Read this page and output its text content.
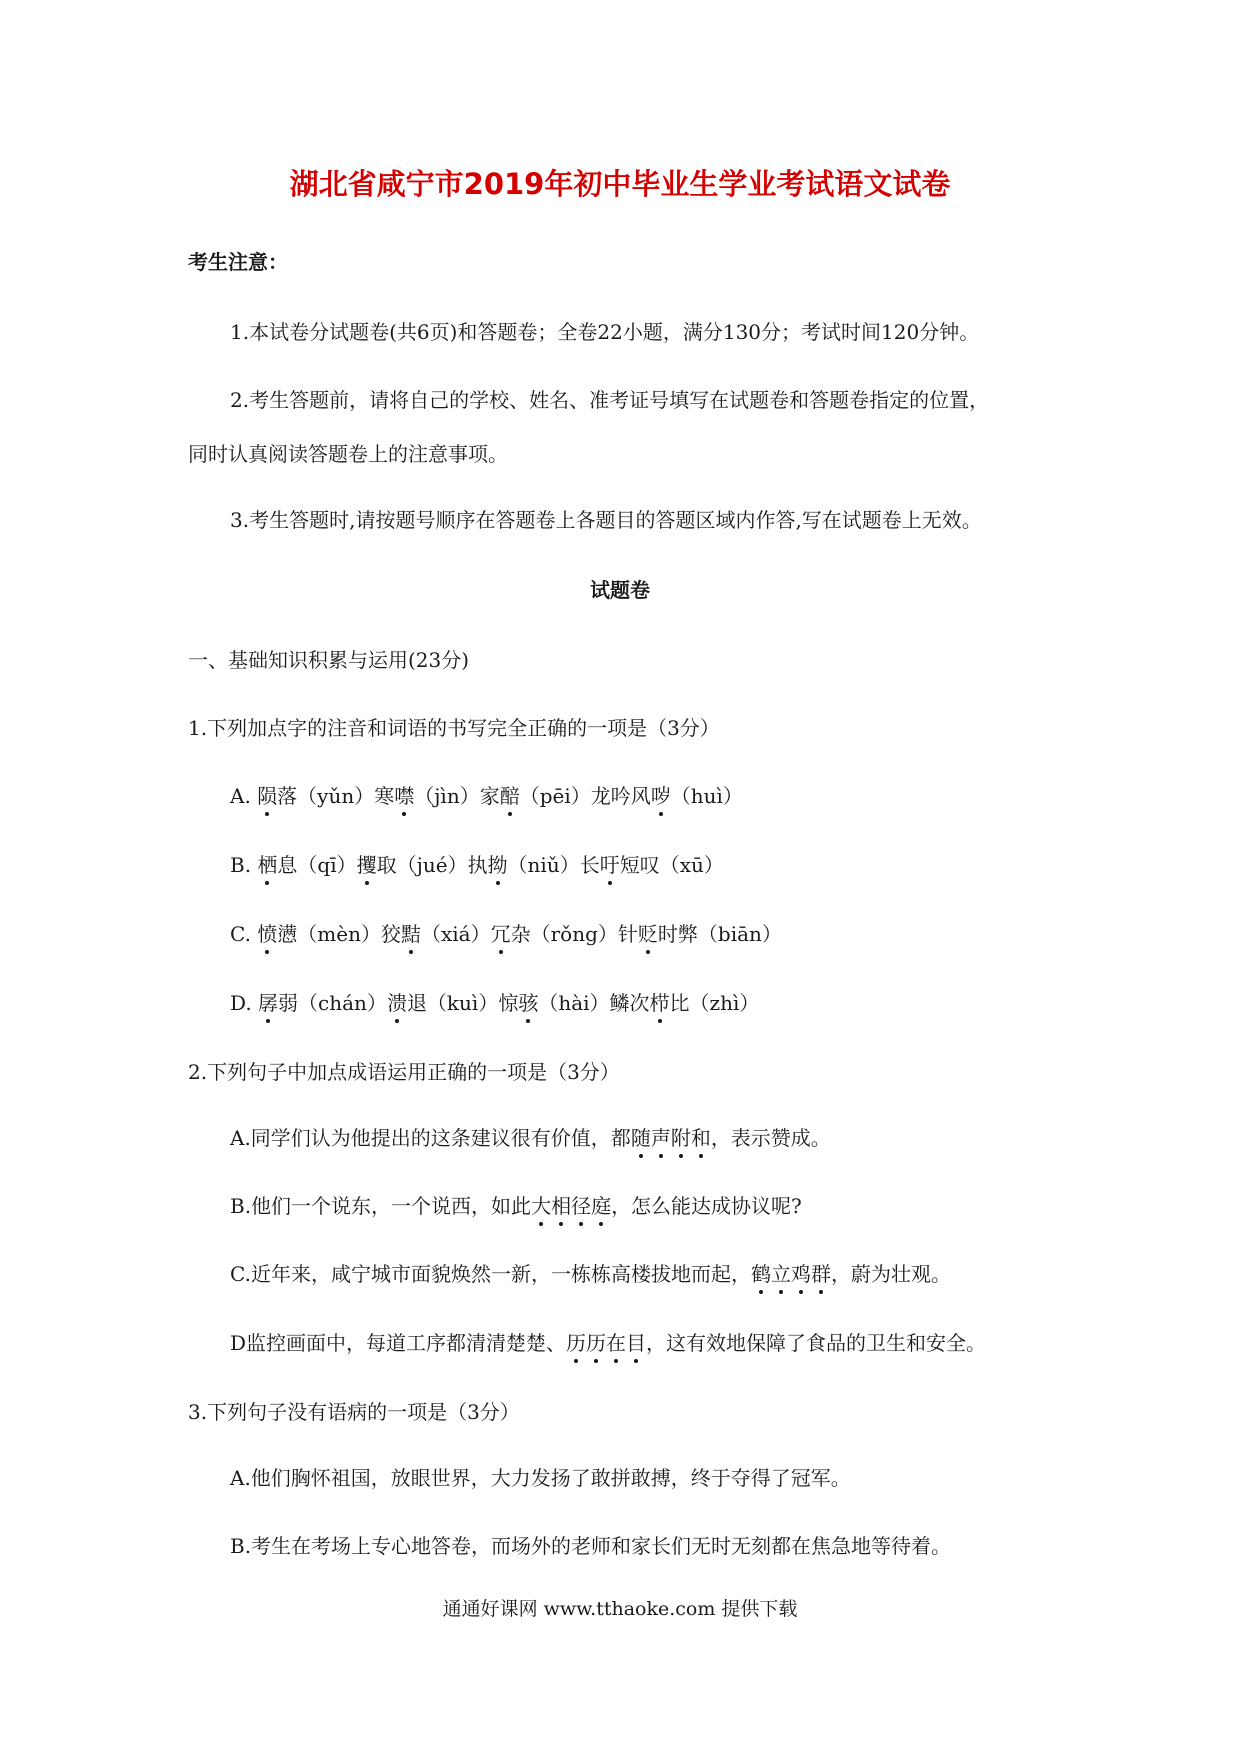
湖北省咸宁市2019年初中毕业生学业考试语文试卷
考生注意：
1.本试卷分试题卷(共6页)和答题卷；全卷22小题，满分130分；考试时间120分钟。
2.考生答题前，请将自己的学校、姓名、准考证号填写在试题卷和答题卷指定的位置，
同时认真阅读答题卷上的注意事项。
3.考生答题时,请按题号顺序在答题卷上各题目的答题区域内作答,写在试题卷上无效。
试题卷
一、基础知识积累与运用(23分)
1.下列加点字的注音和词语的书写完全正确的一项是（3分）
A. 陨落（yǔn）寒噤（jìn）家醅（pēi）龙吟风哕（huì）
B. 栖息（qī）攫取（jué）执拗（niǔ）长吁短叹（xū）
C. 愤懑（mèn）狡黠（xiá）冗杂（rǒng）针贬时弊（biān）
D. 孱弱（chán）溃退（kuì）惊骇（hài）鳞次栉比（zhì）
2.下列句子中加点成语运用正确的一项是（3分）
A.同学们认为他提出的这条建议很有价值，都随声附和，表示赞成。
B.他们一个说东，一个说西，如此大相径庭，怎么能达成协议呢?
C.近年来，咸宁城市面貌焕然一新，一栋栋高楼拔地而起，鹤立鸡群，蔚为壮观。
D监控画面中，每道工序都清清楚楚、历历在目，这有效地保障了食品的卫生和安全。
3.下列句子没有语病的一项是（3分）
A.他们胸怀祖国，放眼世界，大力发扬了敢拼敢搏，终于夺得了冠军。
B.考生在考场上专心地答卷，而场外的老师和家长们无时无刻都在焦急地等待着。
通通好课网 www.tthaoke.com 提供下载
